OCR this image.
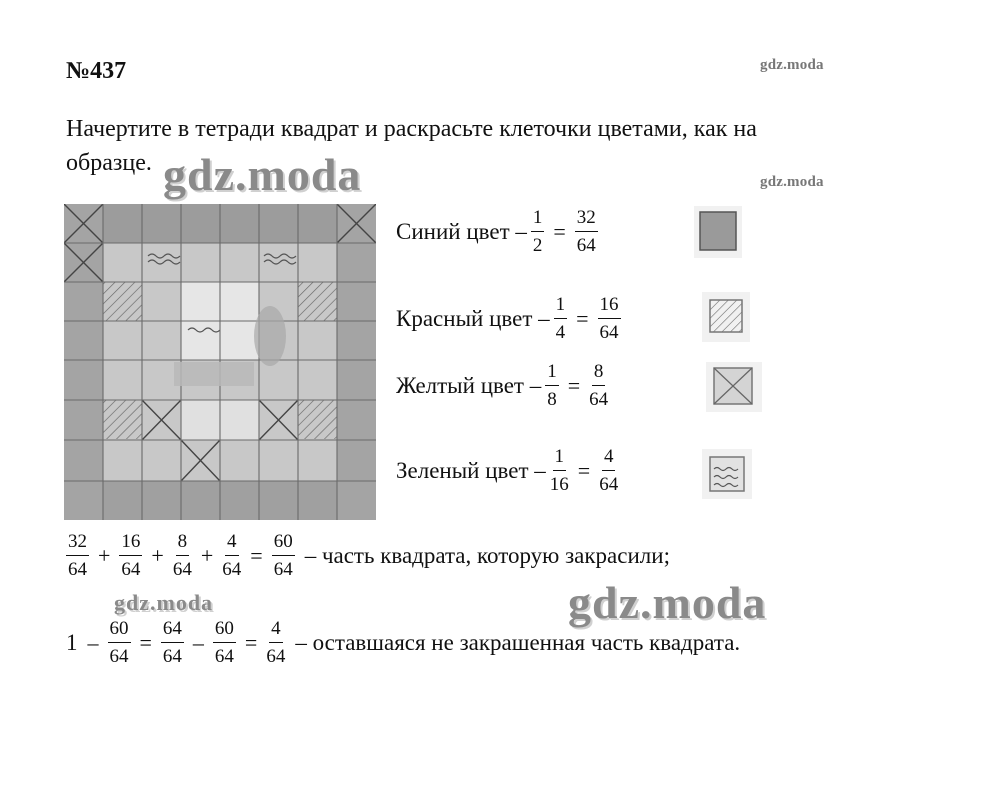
№437	gdz.moda
Начертите в тетради квадрат и раскрасьте клеточки цветами, как на
образце. gdz.moda	gdz.moda
Синий цвет – $\frac{1}{2} = \frac{32}{64}$
Красный цвет – $\frac{1}{4} = \frac{16}{64}$
Желтый цвет – $\frac{1}{8} = \frac{8}{64}$
Зеленый цвет – $\frac{1}{16} = \frac{4}{64}$
$\frac{32}{64} + \frac{16}{64} + \frac{8}{64} + \frac{4}{64} = \frac{60}{64}$ – часть квадрата, которую закрасили;
gdz.moda	gdz.moda
$1 - \frac{60}{64} = \frac{64}{64} - \frac{60}{64} = \frac{4}{64}$ – оставшаяся не закрашенная часть квадрата.
